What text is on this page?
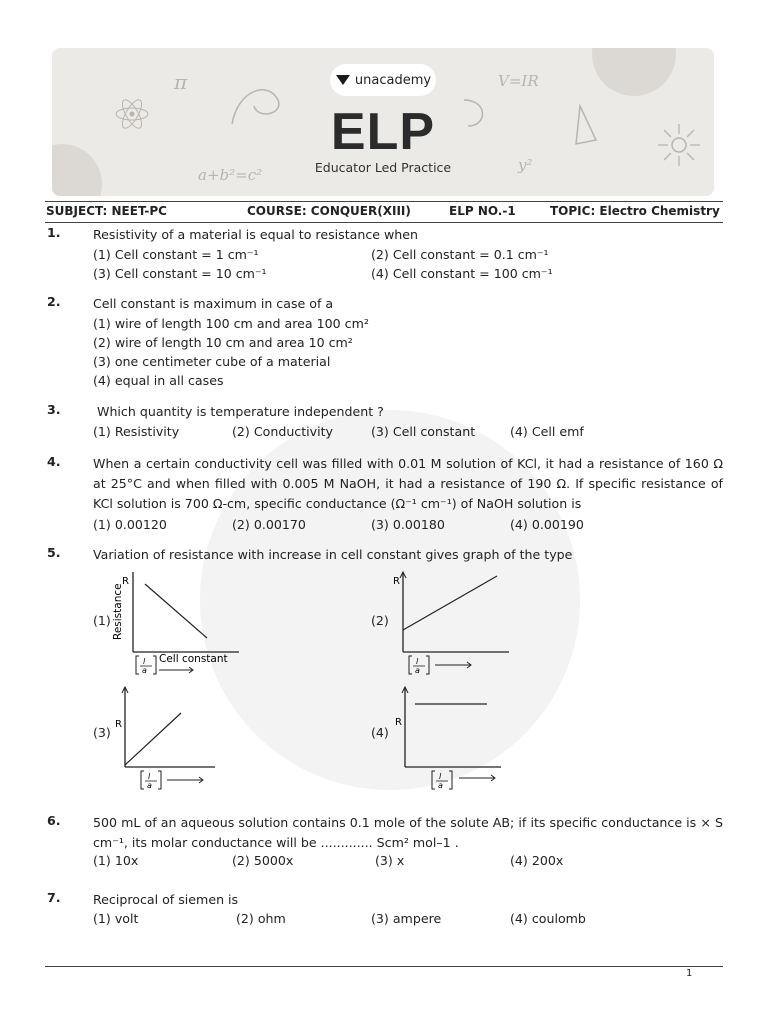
π	V=IR
a+b²=c²
y²
unacademy
ELP
Educator Led Practice
SUBJECT: NEET-PC	COURSE: CONQUER(XIII)	ELP NO.-1	TOPIC: Electro Chemistry
1.	Resistivity of a material is equal to resistance when
(1) Cell constant = 1 cm⁻¹	(2) Cell constant = 0.1 cm⁻¹
(3) Cell constant = 10 cm⁻¹	(4) Cell constant = 100 cm⁻¹
2.	Cell constant is maximum in case of a
(1) wire of length 100 cm and area 100 cm²
(2) wire of length 10 cm and area 10 cm²
(3) one centimeter cube of a material
(4) equal in all cases
3.	Which quantity is temperature independent ?
(1) Resistivity	(2) Conductivity	(3) Cell constant	(4) Cell emf
4.	When a certain conductivity cell was filled with 0.01 M solution of KCl, it had a resistance of 160 Ω at 25°C and when filled with 0.005 M NaOH, it had a resistance of 190 Ω. If specific resistance of KCl solution is 700 Ω-cm, specific conductance (Ω⁻¹ cm⁻¹) of NaOH solution is
(1) 0.00120	(2) 0.00170	(3) 0.00180	(4) 0.00190
5.	Variation of resistance with increase in cell constant gives graph of the type
(1)	(2)
(3)	(4)
Resistance
R
l
a
Cell constant
R
l
a
R
l
a
R
l
a
6.	500 mL of an aqueous solution contains 0.1 mole of the solute AB; if its specific conductance is × S cm⁻¹, its molar conductance will be ............. Scm² mol–1 .
(1) 10x	(2) 5000x	(3) x	(4) 200x
7.	Reciprocal of siemen is
(1) volt	(2) ohm	(3) ampere	(4) coulomb
1
